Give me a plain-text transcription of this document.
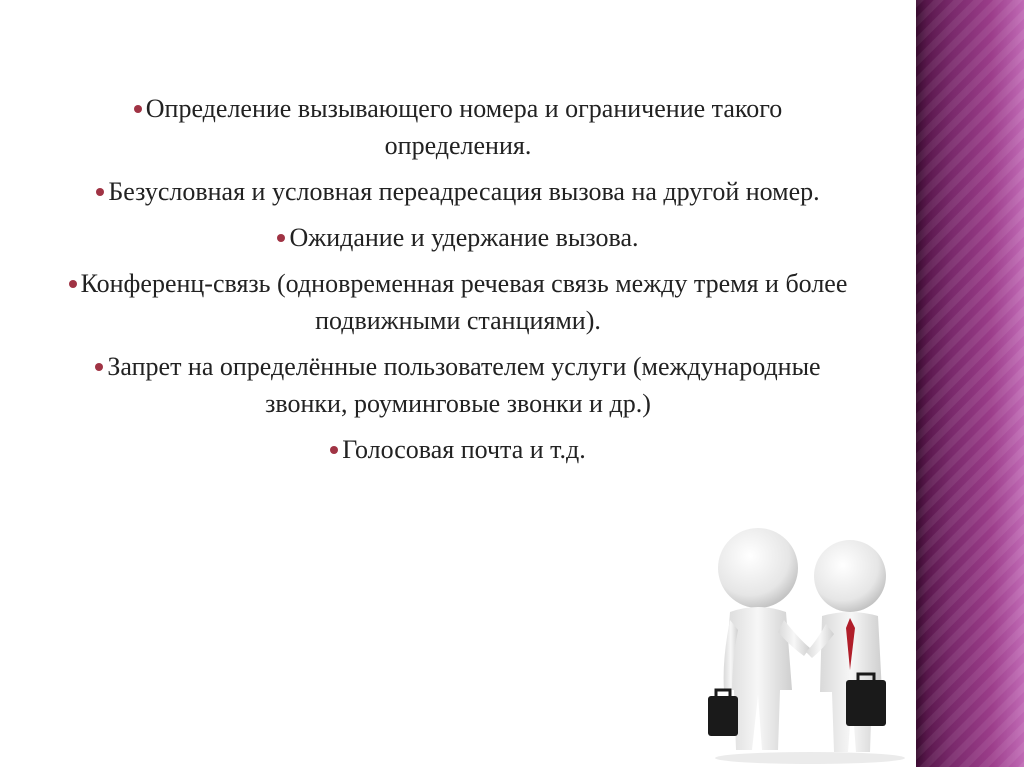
Определение вызывающего номера и ограничение такого определения.
Безусловная и условная переадресация вызова на другой номер.
Ожидание и удержание вызова.
Конференц-связь (одновременная речевая связь между тремя и более подвижными станциями).
Запрет на определённые пользователем услуги (международные звонки, роуминговые звонки и др.)
Голосовая почта и т.д.
